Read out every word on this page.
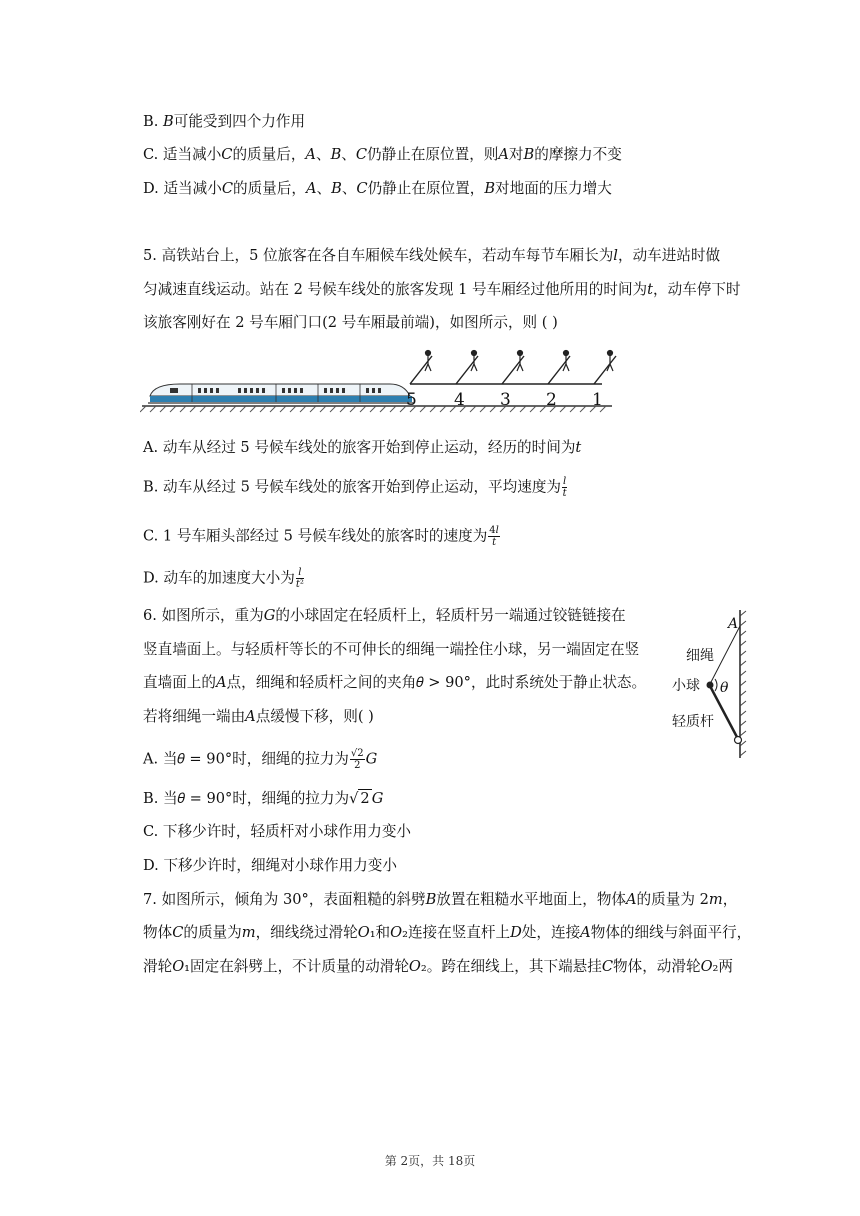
B. 𝐵可能受到四个力作用
C. 适当减小𝐶的质量后，𝐴、𝐵、𝐶仍静止在原位置，则𝐴对𝐵的摩擦力不变
D. 适当减小𝐶的质量后，𝐴、𝐵、𝐶仍静止在原位置，𝐵对地面的压力增大
5. 高铁站台上，5 位旅客在各自车厢候车线处候车，若动车每节车厢长为𝑙，动车进站时做
匀减速直线运动。站在 2 号候车线处的旅客发现 1 号车厢经过他所用的时间为𝑡，动车停下时
该旅客刚好在 2 号车厢门口(2 号车厢最前端)，如图所示，则 ( )
5 4 3 2 1
A. 动车从经过 5 号候车线处的旅客开始到停止运动，经历的时间为𝑡
B. 动车从经过 5 号候车线处的旅客开始到停止运动，平均速度为 $\frac{\text{𝑙}}{\text{𝑡}}$
C. 1 号车厢头部经过 5 号候车线处的旅客时的速度为 $\frac{\text{4𝑙}}{\text{𝑡}}$
D. 动车的加速度大小为 $\frac{\text{𝑙}}{\text{𝑡²}}$
6. 如图所示，重为𝐺的小球固定在轻质杆上，轻质杆另一端通过铰链链接在
竖直墙面上。与轻质杆等长的不可伸长的细绳一端拴住小球，另一端固定在竖
直墙面上的𝐴点，细绳和轻质杆之间的夹角𝜃 > 90°，此时系统处于静止状态。
若将细绳一端由𝐴点缓慢下移，则( )
A
细绳
小球 θ
轻质杆
A. 当𝜃 = 90°时，细绳的拉力为 $\frac{√2}{2}$ 𝐺
B. 当𝜃 = 90°时，细绳的拉力为√ 2 𝐺
C. 下移少许时，轻质杆对小球作用力变小
D. 下移少许时，细绳对小球作用力变小
7. 如图所示，倾角为 30°，表面粗糙的斜劈𝐵放置在粗糙水平地面上，物体𝐴的质量为 2𝑚，
物体𝐶的质量为𝑚，细线绕过滑轮𝑂₁和𝑂₂连接在竖直杆上𝐷处，连接𝐴物体的细线与斜面平行，
滑轮𝑂₁固定在斜劈上，不计质量的动滑轮𝑂₂。跨在细线上，其下端悬挂𝐶物体，动滑轮𝑂₂两
第 2页，共 18页
